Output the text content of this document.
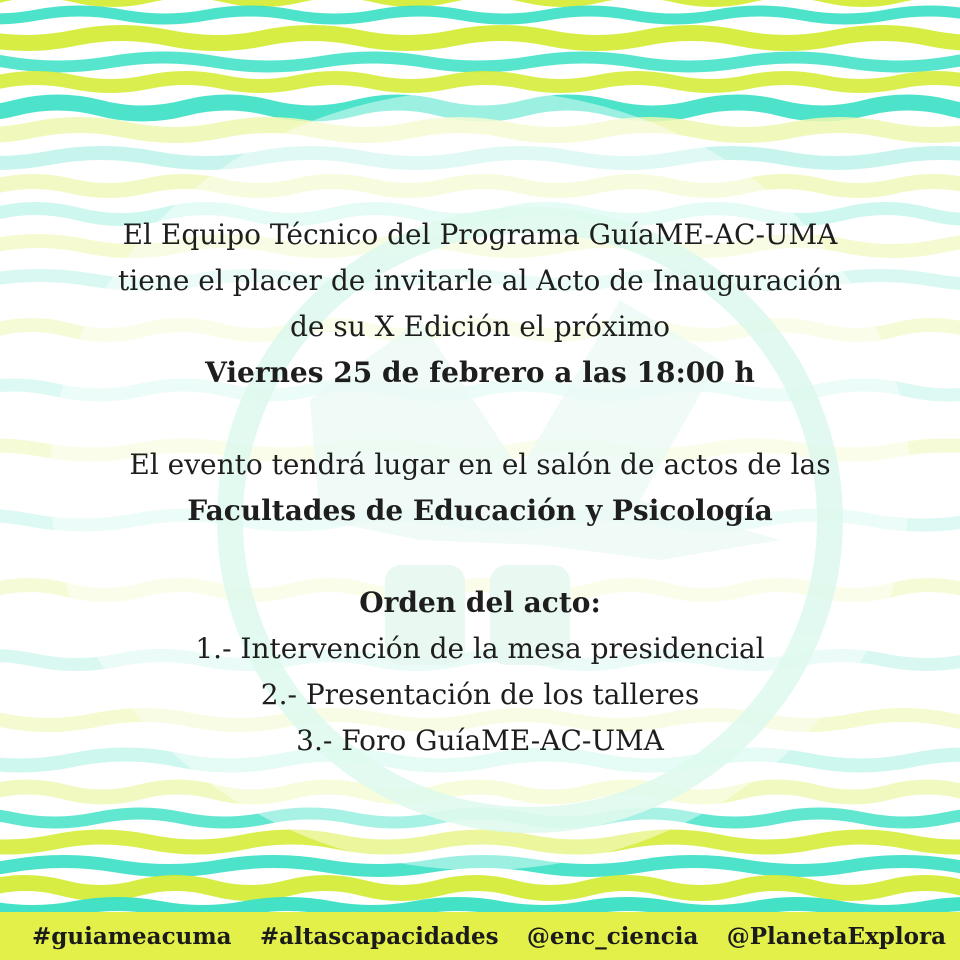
El Equipo Técnico del Programa GuíaME-AC-UMA

tiene el placer de invitarle al Acto de Inauguración

de su X Edición el próximo

Viernes 25 de febrero a las 18:00 h

El evento tendrá lugar en el salón de actos de las

Facultades de Educación y Psicología

Orden del acto:

1.- Intervención de la mesa presidencial

2.- Presentación de los talleres

3.- Foro GuíaME-AC-UMA

#guiameacuma #altascapacidades @enc_ciencia @PlanetaExplora
